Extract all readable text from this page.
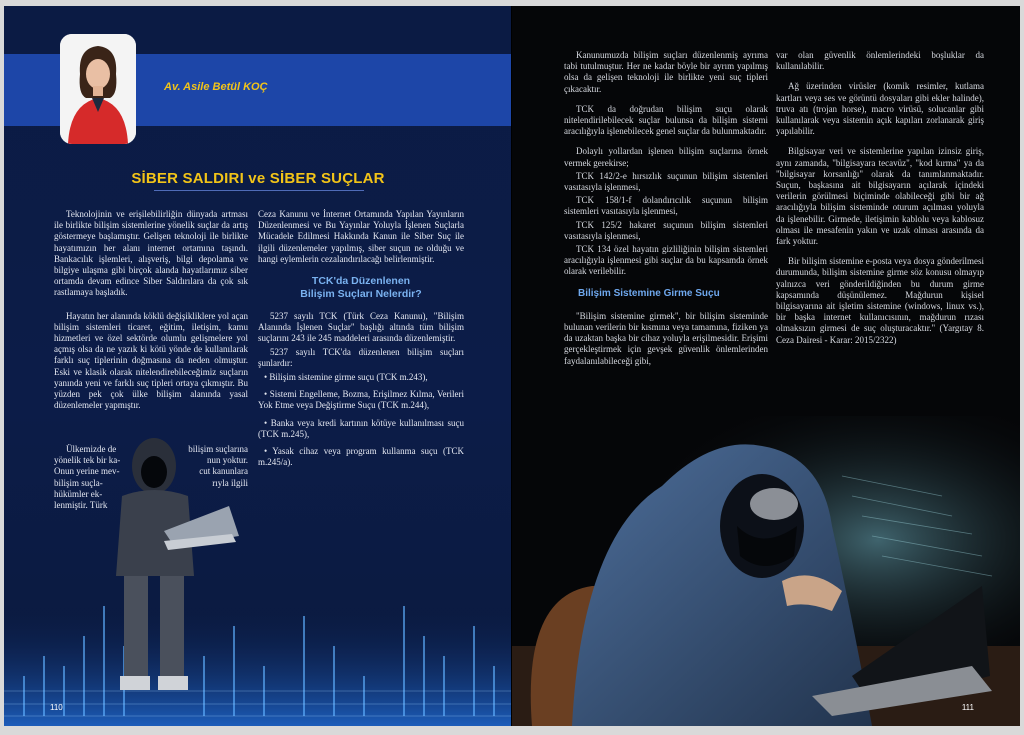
Av. Asile Betül KOÇ
SİBER SALDIRI ve SİBER SUÇLAR

Teknolojinin ve erişilebilirliğin dünyada artması ile birlikte bilişim sistemlerine yönelik suçlar da artış göstermeye başlamıştır. Gelişen teknoloji ile birlikte hayatımızın her alanı internet ortamına taşındı. Bankacılık işlemleri, alışveriş, bilgi depolama ve bilgiye ulaşma gibi birçok alanda hayatlarımız siber ortamda devam edince Siber Saldırılara da çok sık rastlamaya başladık.

Hayatın her alanında köklü değişikliklere yol açan bilişim sistemleri ticaret, eğitim, iletişim, kamu hizmetleri ve özel sektörde olumlu gelişmelere yol açmış olsa da ne yazık ki kötü yönde de kullanılarak farklı suç tiplerinin doğmasına da neden olmuştur. Eski ve klasik olarak nitelendirebileceğimiz suçların yanında yeni ve farklı suç tipleri ortaya çıkmıştır. Bu yüzden pek çok ülke bilişim alanında yasal düzenlemeler yapmıştır.

Ülkemizde de
yönelik tek bir ka-
Onun yerine mev-
bilişim suçla-
hükümler ek-
lenmiştir. Türk
bilişim suçlarına
nun yoktur.
cut kanunlara
rıyla ilgili

Ceza Kanunu ve İnternet Ortamında Yapılan Yayınların Düzenlenmesi ve Bu Yayınlar Yoluyla İşlenen Suçlarla Mücadele Edilmesi Hakkında Kanun ile Siber Suç ile ilgili düzenlemeler yapılmış, siber suçun ne olduğu ve hangi eylemlerin cezalandırılacağı belirlenmiştir.

TCK'da Düzenlenen
Bilişim Suçları Nelerdir?

5237 sayılı TCK (Türk Ceza Kanunu), "Bilişim Alanında İşlenen Suçlar" başlığı altında tüm bilişim suçlarını 243 ile 245 maddeleri arasında düzenlemiştir.

5237 sayılı TCK'da düzenlenen bilişim suçları şunlardır:

• Bilişim sistemine girme suçu (TCK m.243),
• Sistemi Engelleme, Bozma, Erişilmez Kılma, Verileri Yok Etme veya Değiştirme Suçu (TCK m.244),
• Banka veya kredi kartının kötüye kullanılması suçu (TCK m.245),
• Yasak cihaz veya program kullanma suçu (TCK m.245/a).
110

Kanunumuzda bilişim suçları düzenlenmiş ayrıma tabi tutulmuştur. Her ne kadar böyle bir ayrım yapılmış olsa da gelişen teknoloji ile birlikte yeni suç tipleri çıkacaktır.

TCK da doğrudan bilişim suçu olarak nitelendirilebilecek suçlar bulunsa da bilişim sistemi aracılığıyla işlenebilecek genel suçlar da bulunmaktadır.

Dolaylı yollardan işlenen bilişim suçlarına örnek vermek gerekirse;

TCK 142/2-e hırsızlık suçunun bilişim sistemleri vasıtasıyla işlenmesi,

TCK 158/1-f dolandırıcılık suçunun bilişim sistemleri vasıtasıyla işlenmesi,

TCK 125/2 hakaret suçunun bilişim sistemleri vasıtasıyla işlenmesi,

TCK 134 özel hayatın gizliliğinin bilişim sistemleri aracılığıyla işlenmesi gibi suçlar da bu kapsamda örnek olarak verilebilir.

Bilişim Sistemine Girme Suçu

"Bilişim sistemine girmek", bir bilişim sisteminde bulunan verilerin bir kısmına veya tamamına, fiziken ya da uzaktan başka bir cihaz yoluyla erişilmesidir. Erişimi gerçekleştirmek için gevşek güvenlik önlemlerinden faydalanılabileceği gibi,

var olan güvenlik önlemlerindeki boşluklar da kullanılabilir.

Ağ üzerinden virüsler (komik resimler, kutlama kartları veya ses ve görüntü dosyaları gibi ekler halinde), truva atı (trojan horse), macro virüsü, solucanlar gibi kullanılarak veya sistemin açık kapıları zorlanarak giriş yapılabilir.

Bilgisayar veri ve sistemlerine yapılan izinsiz giriş, aynı zamanda, "bilgisayara tecavüz", "kod kırma" ya da "bilgisayar korsanlığı" olarak da tanımlanmaktadır. Suçun, başkasına ait bilgisayarın açılarak içindeki verilerin görülmesi biçiminde olabileceği gibi bir ağ aracılığıyla bilişim sisteminde oturum açılması yoluyla da işlenebilir. Girmede, iletişimin kablolu veya kablosuz olması ile mesafenin yakın ve uzak olması arasında da fark yoktur.

Bir bilişim sistemine e-posta veya dosya gönderilmesi durumunda, bilişim sistemine girme söz konusu olmayıp yalnızca veri gönderildiğinden bu durum girme kapsamında düşünülemez. Mağdurun kişisel bilgisayarına ait işletim sistemine (windows, linux vs.), bir başka internet kullanıcısının, mağdurun rızası olmaksızın girmesi de suç oluşturacaktır." (Yargıtay 8. Ceza Dairesi - Karar: 2015/2322)

111
